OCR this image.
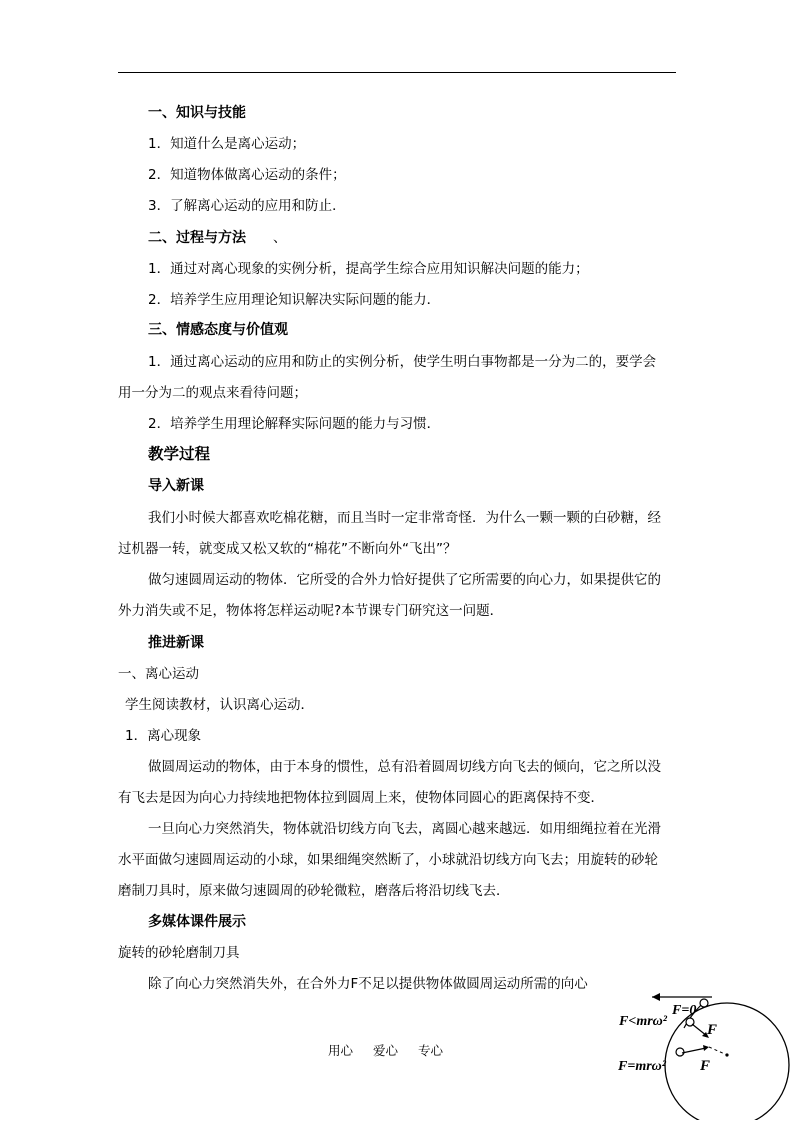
一、知识与技能
1．知道什么是离心运动；
2．知道物体做离心运动的条件；
3．了解离心运动的应用和防止．
二、过程与方法 、
1．通过对离心现象的实例分析，提高学生综合应用知识解决问题的能力；
2．培养学生应用理论知识解决实际问题的能力．
三、情感态度与价值观
1．通过离心运动的应用和防止的实例分析，使学生明白事物都是一分为二的，要学会
用一分为二的观点来看待问题；
2．培养学生用理论解释实际问题的能力与习惯．
教学过程
导入新课
我们小时候大都喜欢吃棉花糖，而且当时一定非常奇怪．为什么一颗一颗的白砂糖，经
过机器一转，就变成又松又软的“棉花”不断向外“飞出”？
做匀速圆周运动的物体．它所受的合外力恰好提供了它所需要的向心力，如果提供它的
外力消失或不足，物体将怎样运动呢?本节课专门研究这一问题．
推进新课
一、离心运动
学生阅读教材，认识离心运动．
1．离心现象
做圆周运动的物体，由于本身的惯性，总有沿着圆周切线方向飞去的倾向，它之所以没
有飞去是因为向心力持续地把物体拉到圆周上来，使物体同圆心的距离保持不变．
一旦向心力突然消失，物体就沿切线方向飞去，离圆心越来越远．如用细绳拉着在光滑
水平面做匀速圆周运动的小球，如果细绳突然断了，小球就沿切线方向飞去；用旋转的砂轮
磨制刀具时，原来做匀速圆周的砂轮微粒，磨落后将沿切线飞去．
多媒体课件展示
旋转的砂轮磨制刀具
除了向心力突然消失外，在合外力F不足以提供物体做圆周运动所需的向心
F=0
F<mrω²
F
F=mrω² F
用心 爱心 专心
